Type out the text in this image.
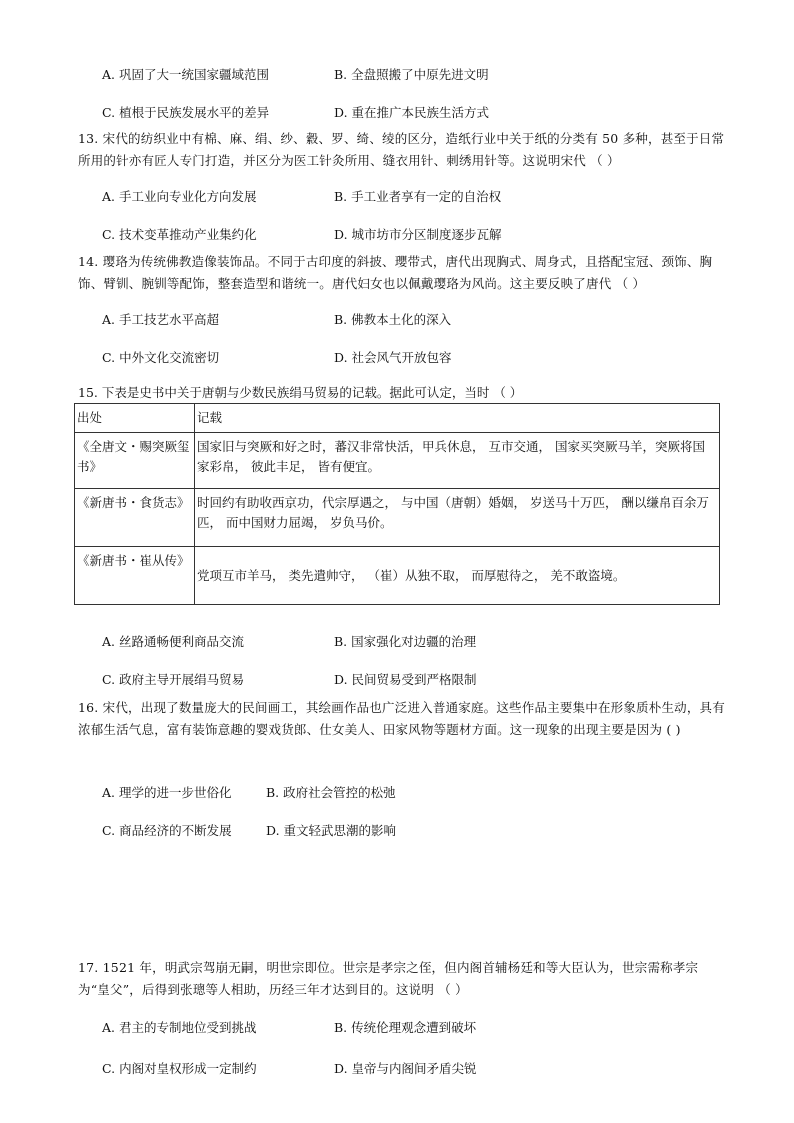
A. 巩固了大一统国家疆域范围	B. 全盘照搬了中原先进文明
C. 植根于民族发展水平的差异	D. 重在推广本民族生活方式
13. 宋代的纺织业中有棉、麻、绢、纱、縠、罗、绮、绫的区分，造纸行业中关于纸的分类有 50 多种，甚至于日常所用的针亦有匠人专门打造，并区分为医工针灸所用、缝衣用针、刺绣用针等。这说明宋代 （ ）
A. 手工业向专业化方向发展	B. 手工业者享有一定的自治权
C. 技术变革推动产业集约化	D. 城市坊市分区制度逐步瓦解
14. 璎珞为传统佛教造像装饰品。不同于古印度的斜披、瓔带式，唐代出现胸式、周身式，且搭配宝冠、颈饰、胸饰、臂钏、腕钏等配饰，整套造型和谐统一。唐代妇女也以佩戴璎珞为风尚。这主要反映了唐代 （ ）
A. 手工技艺水平高超	B. 佛教本土化的深入
C. 中外文化交流密切	D. 社会风气开放包容
15. 下表是史书中关于唐朝与少数民族绢马贸易的记载。据此可认定，当时 （ ）
出处	记载
《全唐文・赐突厥玺书》	国家旧与突厥和好之时，蕃汉非常快活，甲兵休息， 互市交通， 国家买突厥马羊，突厥将国家彩帛， 彼此丰足， 皆有便宜。
《新唐书・食货志》	时回约有助收西京功，代宗厚遇之， 与中国（唐朝）婚姻， 岁送马十万匹， 酬以缣帛百余万匹， 而中国财力屈竭， 岁负马价。
《新唐书・崔从传》	党项互市羊马， 类先遣帅守， （崔）从独不取， 而厚慰待之， 羌不敢盗境。
A. 丝路通畅便利商品交流	B. 国家强化对边疆的治理
C. 政府主导开展绢马贸易	D. 民间贸易受到严格限制
16. 宋代，出现了数量庞大的民间画工，其绘画作品也广泛进入普通家庭。这些作品主要集中在形象质朴生动，具有浓郁生活气息，富有装饰意趣的婴戏货郎、仕女美人、田家风物等题材方面。这一现象的出现主要是因为 ( )
A. 理学的进一步世俗化	B. 政府社会管控的松弛
C. 商品经济的不断发展	D. 重文轻武思潮的影响
17. 1521 年，明武宗驾崩无嗣，明世宗即位。世宗是孝宗之侄，但内阁首辅杨廷和等大臣认为，世宗需称孝宗为“皇父”，后得到张璁等人相助，历经三年才达到目的。这说明 （ ）
A. 君主的专制地位受到挑战	B. 传统伦理观念遭到破坏
C. 内阁对皇权形成一定制约	D. 皇帝与内阁间矛盾尖锐
